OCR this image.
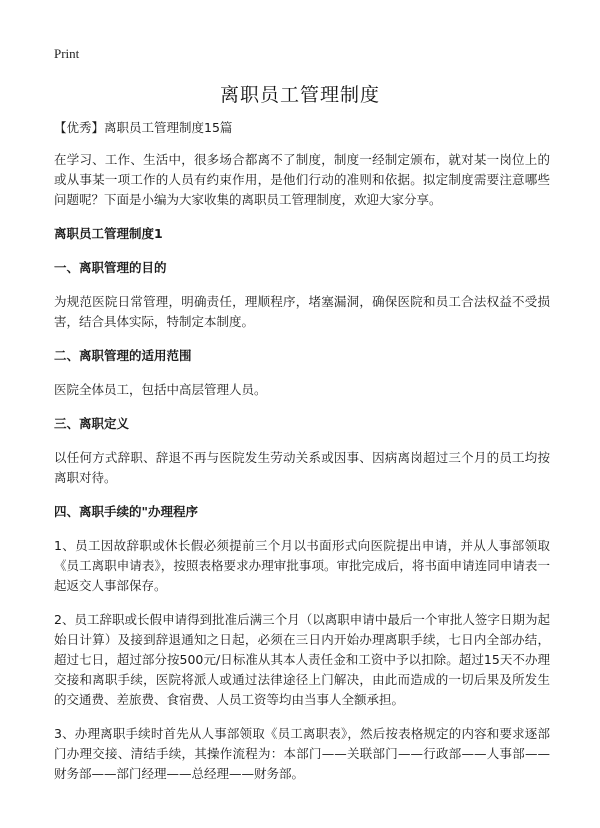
Print
离职员工管理制度
【优秀】离职员工管理制度15篇

在学习、工作、生活中，很多场合都离不了制度，制度一经制定颁布，就对某一岗位上的或从事某一项工作的人员有约束作用，是他们行动的准则和依据。拟定制度需要注意哪些问题呢？下面是小编为大家收集的离职员工管理制度，欢迎大家分享。

离职员工管理制度1
一、离职管理的目的

为规范医院日常管理，明确责任，理顺程序，堵塞漏洞，确保医院和员工合法权益不受损害，结合具体实际，特制定本制度。

二、离职管理的适用范围

医院全体员工，包括中高层管理人员。

三、离职定义

以任何方式辞职、辞退不再与医院发生劳动关系或因事、因病离岗超过三个月的员工均按离职对待。

四、离职手续的"办理程序

1、员工因故辞职或休长假必须提前三个月以书面形式向医院提出申请，并从人事部领取《员工离职申请表》，按照表格要求办理审批事项。审批完成后，将书面申请连同申请表一起返交人事部保存。

2、员工辞职或长假申请得到批准后满三个月（以离职申请中最后一个审批人签字日期为起始日计算）及接到辞退通知之日起，必须在三日内开始办理离职手续，七日内全部办结，超过七日，超过部分按500元/日标准从其本人责任金和工资中予以扣除。超过15天不办理交接和离职手续，医院将派人或通过法律途径上门解决，由此而造成的一切后果及所发生的交通费、差旅费、食宿费、人员工资等均由当事人全额承担。

3、办理离职手续时首先从人事部领取《员工离职表》，然后按表格规定的内容和要求逐部门办理交接、清结手续，其操作流程为：本部门——关联部门——行政部——人事部——财务部——部门经理——总经理——财务部。
